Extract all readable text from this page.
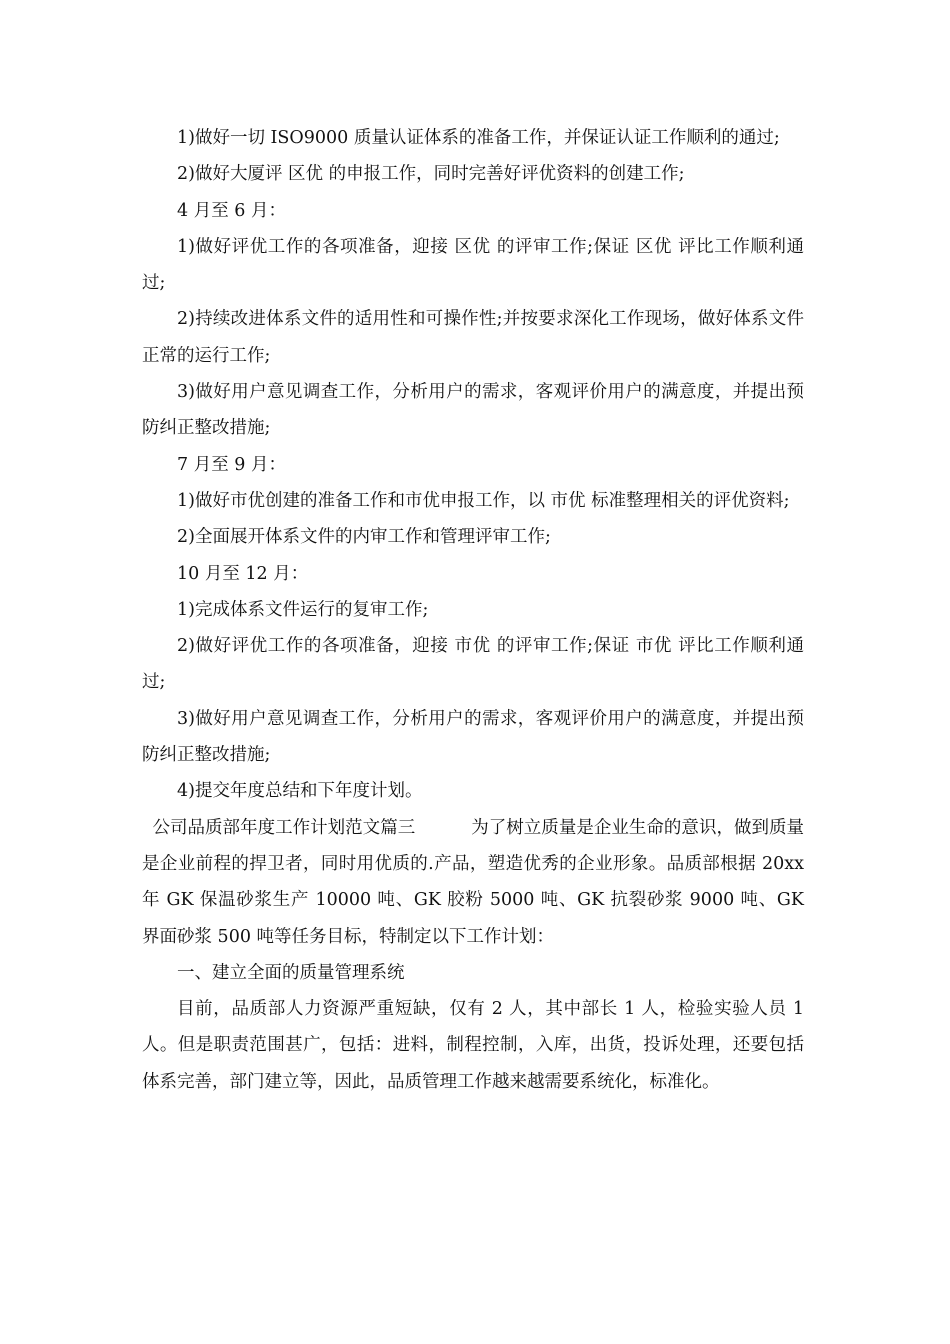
1)做好一切 ISO9000 质量认证体系的准备工作，并保证认证工作顺利的通过;

2)做好大厦评 区优 的申报工作，同时完善好评优资料的创建工作;

4 月至 6 月：

1)做好评优工作的各项准备，迎接 区优 的评审工作;保证 区优 评比工作顺利通过;

2)持续改进体系文件的适用性和可操作性;并按要求深化工作现场，做好体系文件正常的运行工作;

3)做好用户意见调查工作，分析用户的需求，客观评价用户的满意度，并提出预防纠正整改措施;

7 月至 9 月：

1)做好市优创建的准备工作和市优申报工作，以 市优 标准整理相关的评优资料;

2)全面展开体系文件的内审工作和管理评审工作;

10 月至 12 月：

1)完成体系文件运行的复审工作;

2)做好评优工作的各项准备，迎接 市优 的评审工作;保证 市优 评比工作顺利通过;

3)做好用户意见调查工作，分析用户的需求，客观评价用户的满意度，并提出预防纠正整改措施;

4)提交年度总结和下年度计划。

公司品质部年度工作计划范文篇三	为了树立质量是企业生命的意识，做到质量是企业前程的捍卫者，同时用优质的.产品，塑造优秀的企业形象。品质部根据 20xx 年 GK 保温砂浆生产 10000 吨、GK 胶粉 5000 吨、GK 抗裂砂浆 9000 吨、GK 界面砂浆 500 吨等任务目标，特制定以下工作计划：

一、建立全面的质量管理系统

目前，品质部人力资源严重短缺，仅有 2 人，其中部长 1 人，检验实验人员 1 人。但是职责范围甚广，包括：进料，制程控制，入库，出货，投诉处理，还要包括体系完善，部门建立等，因此，品质管理工作越来越需要系统化，标准化。
